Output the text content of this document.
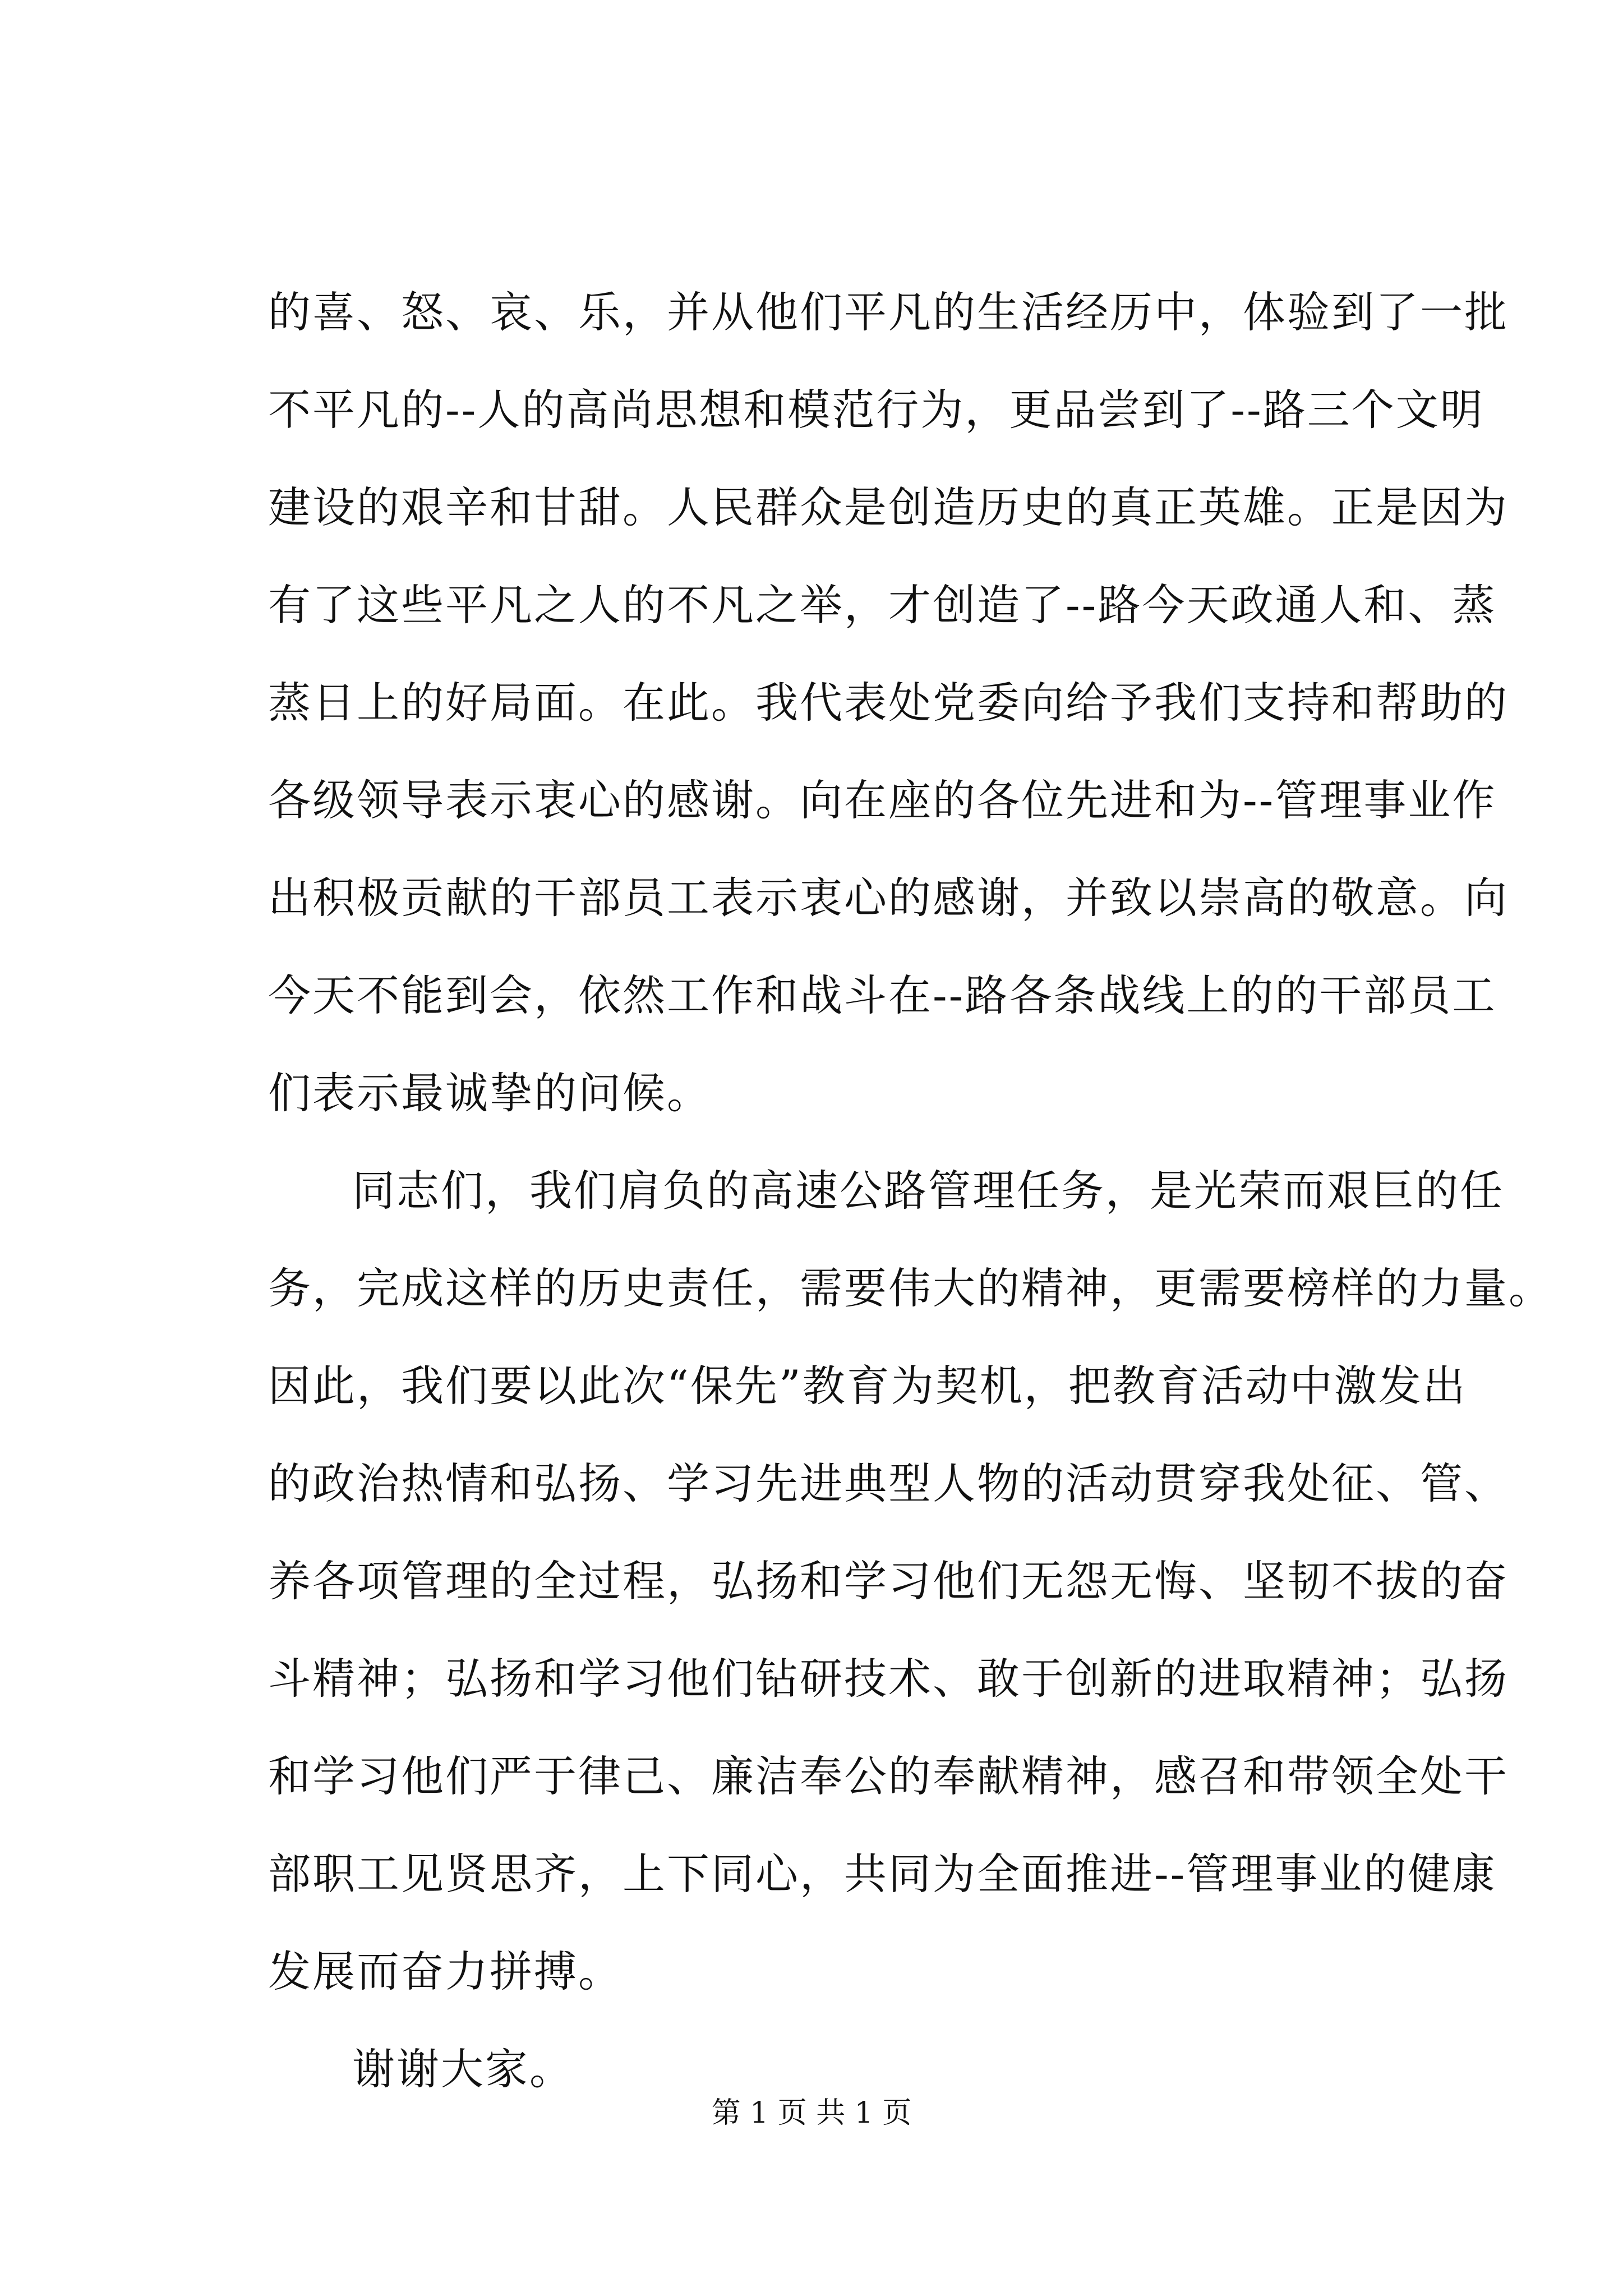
的喜、怒、哀、乐，并从他们平凡的生活经历中，体验到了一批
不平凡的--人的高尚思想和模范行为，更品尝到了--路三个文明
建设的艰辛和甘甜。人民群众是创造历史的真正英雄。正是因为
有了这些平凡之人的不凡之举，才创造了--路今天政通人和、蒸
蒸日上的好局面。在此。我代表处党委向给予我们支持和帮助的
各级领导表示衷心的感谢。向在座的各位先进和为--管理事业作
出积极贡献的干部员工表示衷心的感谢，并致以崇高的敬意。向
今天不能到会，依然工作和战斗在--路各条战线上的的干部员工
们表示最诚挚的问候。
同志们，我们肩负的高速公路管理任务，是光荣而艰巨的任
务，完成这样的历史责任，需要伟大的精神，更需要榜样的力量。
因此，我们要以此次“保先”教育为契机，把教育活动中激发出
的政治热情和弘扬、学习先进典型人物的活动贯穿我处征、管、
养各项管理的全过程，弘扬和学习他们无怨无悔、坚韧不拔的奋
斗精神；弘扬和学习他们钻研技术、敢于创新的进取精神；弘扬
和学习他们严于律己、廉洁奉公的奉献精神，感召和带领全处干
部职工见贤思齐，上下同心，共同为全面推进--管理事业的健康
发展而奋力拼搏。
谢谢大家。
第 1 页 共 1 页
